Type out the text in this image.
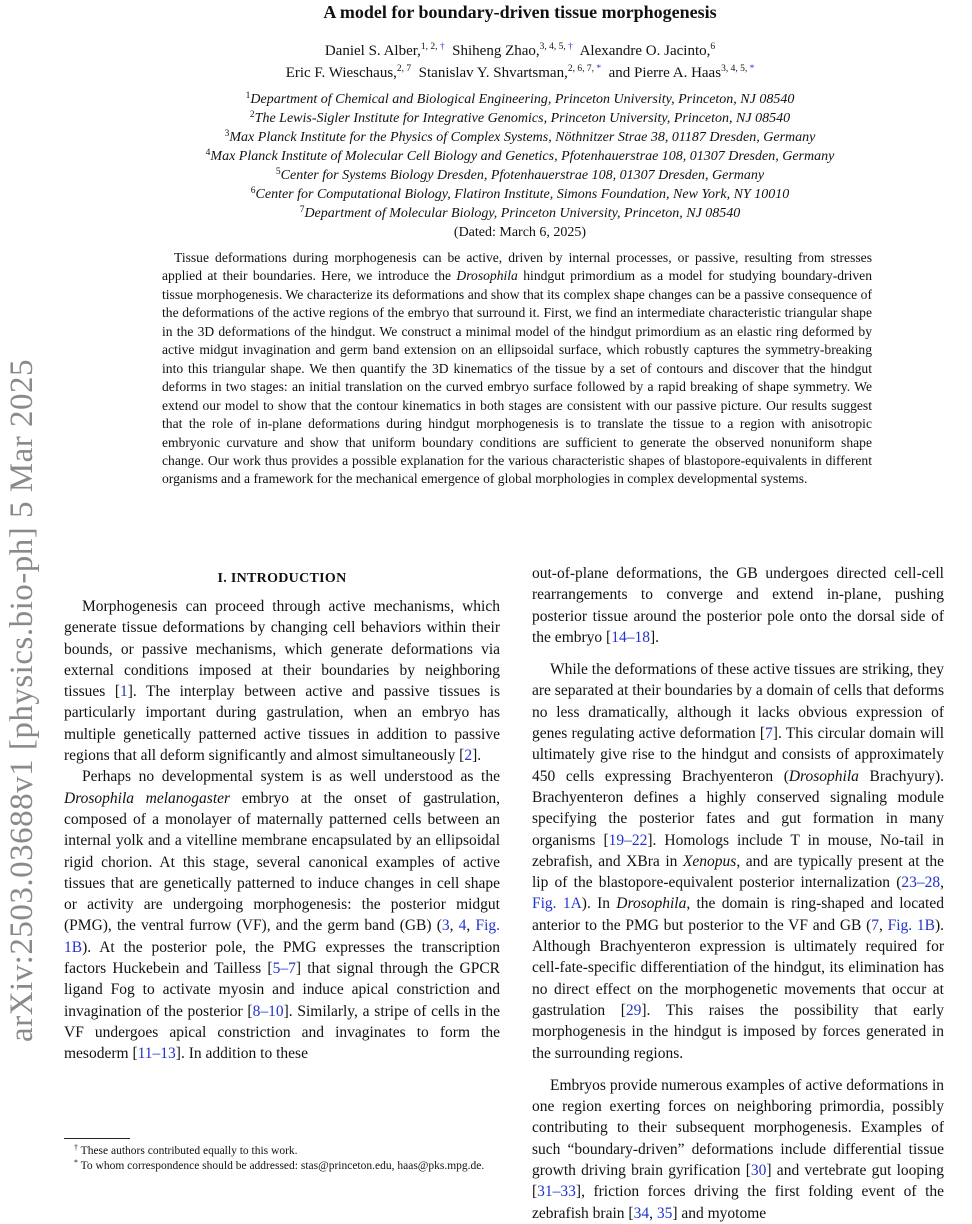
arXiv:2503.03688v1 [physics.bio-ph] 5 Mar 2025
A model for boundary-driven tissue morphogenesis
Daniel S. Alber,$^{1, 2, \dagger}$ Shiheng Zhao,$^{3, 4, 5, \dagger}$ Alexandre O. Jacinto,$^6$
Eric F. Wieschaus,$^{2, 7}$ Stanislav Y. Shvartsman,$^{2, 6, 7, *}$ and Pierre A. Haas$^{3, 4, 5, *}$
$^1$Department of Chemical and Biological Engineering, Princeton University, Princeton, NJ 08540
$^2$The Lewis-Sigler Institute for Integrative Genomics, Princeton University, Princeton, NJ 08540
$^3$Max Planck Institute for the Physics of Complex Systems, Nöthnitzer Strae 38, 01187 Dresden, Germany
$^4$Max Planck Institute of Molecular Cell Biology and Genetics, Pfotenhauerstrae 108, 01307 Dresden, Germany
$^5$Center for Systems Biology Dresden, Pfotenhauerstrae 108, 01307 Dresden, Germany
$^6$Center for Computational Biology, Flatiron Institute, Simons Foundation, New York, NY 10010
$^7$Department of Molecular Biology, Princeton University, Princeton, NJ 08540
(Dated: March 6, 2025)
Tissue deformations during morphogenesis can be active, driven by internal processes, or passive, resulting from stresses applied at their boundaries. Here, we introduce the Drosophila hindgut primordium as a model for studying boundary-driven tissue morphogenesis. We characterize its deformations and show that its complex shape changes can be a passive consequence of the deformations of the active regions of the embryo that surround it. First, we find an intermediate characteristic triangular shape in the 3D deformations of the hindgut. We construct a minimal model of the hindgut primordium as an elastic ring deformed by active midgut invagination and germ band extension on an ellipsoidal surface, which robustly captures the symmetry-breaking into this triangular shape. We then quantify the 3D kinematics of the tissue by a set of contours and discover that the hindgut deforms in two stages: an initial translation on the curved embryo surface followed by a rapid breaking of shape symmetry. We extend our model to show that the contour kinematics in both stages are consistent with our passive picture. Our results suggest that the role of in-plane deformations during hindgut morphogenesis is to translate the tissue to a region with anisotropic embryonic curvature and show that uniform boundary conditions are sufficient to generate the observed nonuniform shape change. Our work thus provides a possible explanation for the various characteristic shapes of blastopore-equivalents in different organisms and a framework for the mechanical emergence of global morphologies in complex developmental systems.
I. INTRODUCTION

Morphogenesis can proceed through active mechanisms, which generate tissue deformations by changing cell behaviors within their bounds, or passive mechanisms, which generate deformations via external conditions imposed at their boundaries by neighboring tissues [1]. The interplay between active and passive tissues is particularly important during gastrulation, when an embryo has multiple genetically patterned active tissues in addition to passive regions that all deform significantly and almost simultaneously [2].

Perhaps no developmental system is as well understood as the Drosophila melanogaster embryo at the onset of gastrulation, composed of a monolayer of maternally patterned cells between an internal yolk and a vitelline membrane encapsulated by an ellipsoidal rigid chorion. At this stage, several canonical examples of active tissues that are genetically patterned to induce changes in cell shape or activity are undergoing morphogenesis: the posterior midgut (PMG), the ventral furrow (VF), and the germ band (GB) (3, 4, Fig. 1B). At the posterior pole, the PMG expresses the transcription factors Huckebein and Tailless [5–7] that signal through the GPCR ligand Fog to activate myosin and induce apical constriction and invagination of the posterior [8–10]. Similarly, a stripe of cells in the VF undergoes apical constriction and invaginates to form the mesoderm [11–13]. In addition to these

out-of-plane deformations, the GB undergoes directed cell-cell rearrangements to converge and extend in-plane, pushing posterior tissue around the posterior pole onto the dorsal side of the embryo [14–18].

While the deformations of these active tissues are striking, they are separated at their boundaries by a domain of cells that deforms no less dramatically, although it lacks obvious expression of genes regulating active deformation [7]. This circular domain will ultimately give rise to the hindgut and consists of approximately 450 cells expressing Brachyenteron (Drosophila Brachyury). Brachyenteron defines a highly conserved signaling module specifying the posterior fates and gut formation in many organisms [19–22]. Homologs include T in mouse, No-tail in zebrafish, and XBra in Xenopus, and are typically present at the lip of the blastopore-equivalent posterior internalization (23–28, Fig. 1A). In Drosophila, the domain is ring-shaped and located anterior to the PMG but posterior to the VF and GB (7, Fig. 1B). Although Brachyenteron expression is ultimately required for cell-fate-specific differentiation of the hindgut, its elimination has no direct effect on the morphogenetic movements that occur at gastrulation [29]. This raises the possibility that early morphogenesis in the hindgut is imposed by forces generated in the surrounding regions.

Embryos provide numerous examples of active deformations in one region exerting forces on neighboring primordia, possibly contributing to their subsequent morphogenesis. Examples of such “boundary-driven” deformations include differential tissue growth driving brain gyrification [30] and vertebrate gut looping [31–33], friction forces driving the first folding event of the zebrafish brain [34, 35] and myotome

† These authors contributed equally to this work.

* To whom correspondence should be addressed: stas@princeton.edu, haas@pks.mpg.de.
